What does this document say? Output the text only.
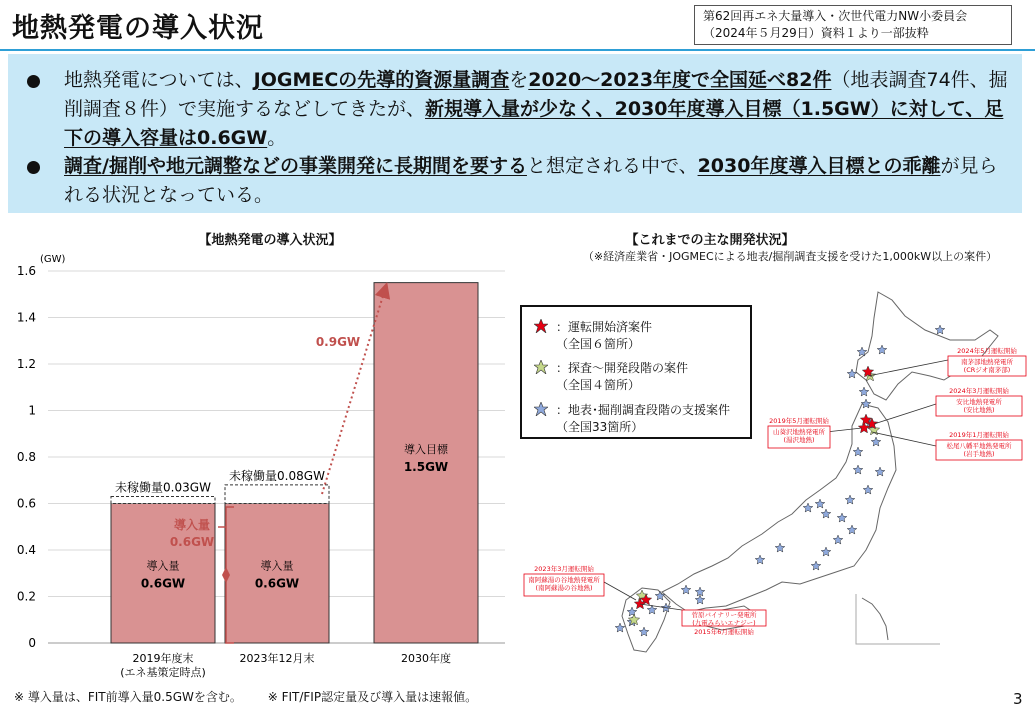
地熱発電の導入状況	第62回再エネ大量導入・次世代電力NW小委員会
（2024年５月29日）資料１より一部抜粋
地熱発電については、JOGMECの先導的資源量調査を2020～2023年度で全国延べ82件（地表調査74件、掘削調査８件）で実施するなどしてきたが、新規導入量が少なく、2030年度導入目標（1.5GW）に対して、足下の導入容量は0.6GW。
調査/掘削や地元調整などの事業開発に長期間を要すると想定される中で、2030年度導入目標との乖離が見られる状況となっている。
【地熱発電の導入状況】	【これまでの主な開発状況】
（※経済産業省・JOGMECによる地表/掘削調査支援を受けた1,000kW以上の案件）
0
0.2
0.4
0.6
0.8
1
1.2
1.4
1.6
(GW)
未稼働量0.03GW
導入量
0.6GW
未稼働量0.08GW
導入量
0.6GW
導入目標
1.5GW
2019年度末
(エネ基策定時点)
2023年12月末	2030年度
0.9GW
導入量
0.6GW
2024年5月運転開始
南茅部地熱発電所
(CRジオ南茅部)
2024年3月運転開始
安比地熱発電所
(安比地熱)
2019年5月運転開始
山葵沢地熱発電所
(湯沢地熱)
2019年1月運転開始
松尾八幡平地熱発電所
(岩手地熱)
2023年3月運転開始
南阿蘇湯の谷地熱発電所
(南阿蘇湯の谷地熱)
菅原バイナリー発電所
(九電みらいエナジー)
2015年6月運転開始
：運転開始済案件
（全国６箇所）
：探査～開発段階の案件
（全国４箇所）
：地表･掘削調査段階の支援案件
（全国33箇所）
※ 導入量は、FIT前導入量0.5GWを含む。 ※ FIT/FIP認定量及び導入量は速報値。	3
